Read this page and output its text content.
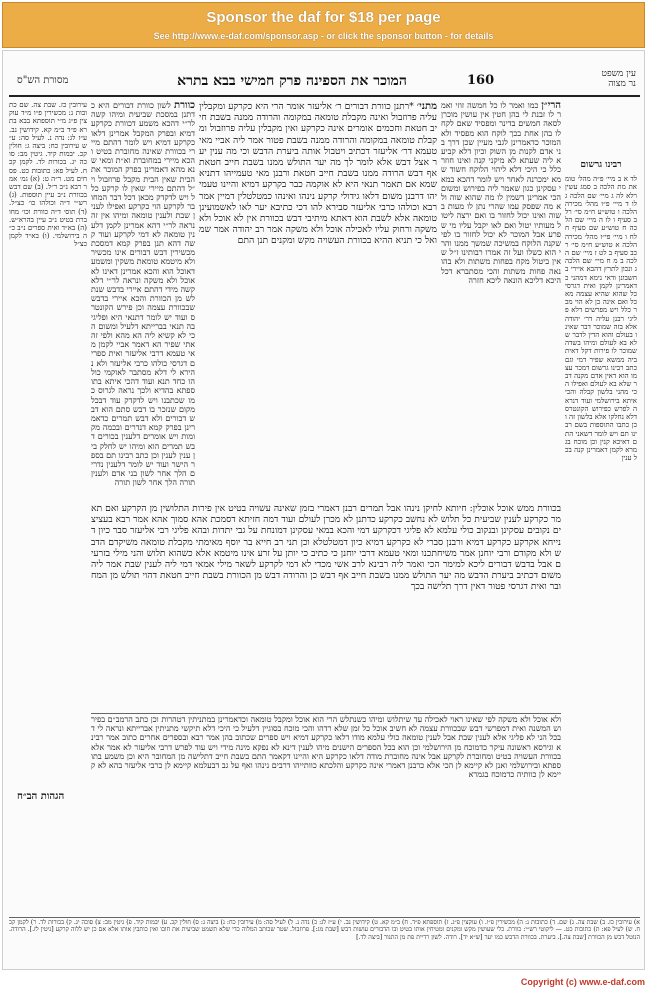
Sponsor the daf for $18 per page
See http://www.e-daf.com/sponsor.asp - or click the sponsor button - for details
מסורת הש"ס	המוכר את הספינה פרק חמישי בבא בתרא	160	עין משפט
נר מצוה
רבינו גרשום
לד א ב מיי׳ פ״ה מהל׳ טומאת מת הלכה ב סמג עשין רלא לה ג מיי׳ שם הלכה ג לו ד מיי׳ פ״ו מהל׳ מכירה הלכה ו טוש״ע ח״מ סי׳ רלב סעיף ו לז ה מיי׳ שם הלכה ח טוש״ע שם סעיף ח לח ו מיי׳ פי״ז מהל׳ מכירה הלכה א טוש״ע ח״מ סי׳ רכב סעיף ב לט ז מיי׳ שם הלכה ב מ ח מיי׳ שם הלכה ג ונכון לתרץ דהכא איירי בחשבונן ודאי נימא דמהני כדאמרינן לקמן ואית דגרסי כל שהוא שהיא עצמה מאכל ואם אינה כן לא הוי מכר כלל ויש מפרשים דלא פליגי רבנן עליה דר׳ יהודה אלא בזה שמוכר דבר שאינו בעולם והוא הדין לדבר שלא בא לעולם ומיהו בשדה שמוכר לו פירות דקל דאית ביה ממשא שפיר דמי וגם כתב רבינו גרשום דמכר עצמו הוא דאין אדם מקנה דבר שלא בא לעולם ואפילו הכי מהני בלשון קבלה והכי איתא בירושלמי ועוד דנראה לפרש כפירוש הקונטרס דלא נחלקו אלא בלשון זה וכן כתבו התוספות בשם רבינו תם ויש לומר דשאני התם דאיכא קנין וכן מוכח בגמרא לקמן דאמרינן קנה בכל ענין
הרי״ן כמו ואמר לו כל חמשה זוזי ואמר לו זבנת לי בהן חטין אין עושין מוכרן לסאה חמשים בדינר ומפסיד שאם לקח לו בהן אחת בכך לוקח הוא מפסיד ולא המוכר כדאמרינן לגבי מעיין שכן דרך בני אדם לקנות מן השוק וכיון דלא קביעא ליה שעתא לא מיקני קנה ואינו חוזר כלל כי היכי דלא ליהוי הלוקח חשוד שמא ימכרנה לאחר ויש לומר דהכא במאי עסקינן כגון שאמר ליה בפירוש ומשום הכי אמרינן דשמין לו מה שהוא שוה ולא מה שפסק עמו שהרי נתן לו מעות בשוה ואינו יכול לחזור בו ואם ירצה ליטול מעותיו יטול ואם לאו יקבל עליו מי שפרע אבל המוכר לא יכול לחזור בו לפי שקנה הלוקח במשיכה שמשך ממנו והרי הוא כשלו ועל זה אמרו רבותינו ז״ל שאין ביטול מקח בפחות משתות ולא בהונאה פחות משתות והכי מסתברא דכל היכא דליכא הונאה ליכא חזרה
מתני׳ *רתנן כוורת דבורים ר׳ אליעזר אומר הרי היא כקרקע ומקבלין עליה פרוזבול ואינה מקבלת טומאה במקומה והרודה ממנה בשבת חייב חטאת וחכמים אומרים אינה כקרקע ואין מקבלין עליה פרוזבול ומקבלת טומאה במקומה והרודה ממנה בשבת פטור אמר ליה אביי מאי טעמא דר׳ אליעזר דכתיב ויטבול אותה ביערת הדבש וכי מה ענין יער אצל דבש אלא לומר לך מה יער התולש ממנו בשבת חייב חטאת אף דבש הרודה ממנו בשבת חייב חטאת ורבנן מאי טעמייהו דתניא שמא אם תאמר תנאי היא לא אוקמה כבר בקרקע דמיא והיינו טעמייהו דרבנן משום דלאו גידולי קרקע נינהו ואינהו כמטלטלין דמיין אמר רבא וכולהו כרבי אליעזר סבירא להו דכי כתיבא יער לאו לאשמועינן טומאה אלא לשבת הוא דאתא מיתיבי דבש בכוורת אין לא אוכל ולא משקה ורחוק עליו לאכילה אוכל ולא משקה אמר רב יהודה אמר שמואל כי תניא ההיא בכוורת העשויה מקש ומקנים תנן התם
כוורת לשון כוורת דבורים היא כדתנן במסכת שביעית ומיהו קשה לר״י דהכא משמע דכוורת כקרקע דמיא ובפרק המקבל אמרינן דלאו כקרקע דמיא ויש לומר דהתם מיירי בכוורת שאינה מחוברת בטיט והכא מיירי במחוברת וא״ת ומאי שנא מהא דאמרינן בפרק המוכר את הבית שאין הבית מקבל פרוזבול וי״ל דהתם מיירי שאין לו קרקע כלל ויש לדקדק מכאן דכל דבר המחובר לקרקע הוי כקרקע ואפילו לענין שבת ולענין טומאה ומיהו אין זה נראה לר״י דהא אמרינן לקמן דלענין טומאה לא דמי לקרקע ועוד קשה דהא תנן בפרק קמא דמסכת מכשירין דבש דבורים אינו מכשיר ולא מיטמא טומאת משקין ומשמע דאוכל הוא והכא אמרינן דאינו לא אוכל ולא משקה ונראה לר״י דלא קשה מידי דהתם איירי בדבש שנתלש מן הכוורת והכא איירי בדבש שבכוורת עצמה וכן פירש הקונטרס ועוד יש לומר דתנאי היא ופליגי בה תנאי בברייתא דלעיל ומשום הכי לא קשיא ליה הא מהא ולפי זה אתי שפיר הא דאמר אביי לקמן מאי טעמא דרבי אליעזר ואית ספרים דגרסי כולהו כרבי אליעזר ולא נהירא לי דלא מסתבר לאוקמי כולהו כחד תנא ועוד דהכי איתא בתוספתא בהדיא ולכך נראה לגרוס כמו שכתבנו ויש לדקדק עוד דבכל מקום שנזכר בו דבש סתם הוא דבש דבורים ולא דבש תמרים כדאמרינן בפרק קמא דנדרים ובכמה מקומות ויש אומרים דלענין בכורים דבש תמרים הוא ומיהו יש לחלק בין ענין לענין וכן כתב רבינו תם בספר הישר ועוד יש לומר דלענין נדרים הלך אחר לשון בני אדם ולענין תורה הלך אחר לשון תורה
עירובין כז. שבת צה. שם כתובות נ: מכשירין פ״ו מ״ד עוקצין פ״ג מ״י תוספתא בבא בתרא פ״ד ב״מ קא. קידושין נב. ע״ז לג: נדה נ. לעיל סה: ע״ש עירובין כח: ביצה ג: חולין קכ. יבמות קיד. גיטין מב: סוכה יג. בכורות לד. לקמן קכח. לעיל פא: כתובות כט. פסחים מט. ר״ה ט: (א) גמ׳ אמר רבא נ״ב ר״ל. (ב) שם דבש בכוורת נ״ב עיין תוספות. (ג) רש״י ד״ה וכולהו כו׳ כצ״ל. (ד) תוס׳ ד״ה כוורת וכו׳ מחוברת בטיט נ״ב עיין בהרא״ש. (ה) בא״ד ואית ספרים נ״ב כ״ה בירושלמי. (ו) בא״ד לקמן כצ״ל
הגהות הב״ח
בכוורת ממש אוכל אוכלין: חיותא לחיקן נינהו אבל תמרים רבנן דאמרי בזמן שאינה עשויה בטיט אין פירות התלושין מן הקרקע ואם תאמר כקרקע לענין שביעית כל תלוש לא נחשב כקרקע כדתנן לא מכרן לעולם ועוד דמה חזיתא דסמכת אהא סמוך אהא אמר רבא בעציצים נקובים עסקינן ובנקוב כולי עלמא לא פליגי דכקרקע דמי והכא במאי עסקינן דמונחת על גבי יתדות ובהא פליגי רבי אליעזר סבר כיון דנייחא אקרקע כקרקע דמיא ורבנן סברי לא כקרקע דמיא כיון דמטלטלא וכן תני רב חייא בר יוסף מאימתי מקבלת טומאה משיקדם הדבש ולא מקודם ורבי יוחנן אמר משיחתכנו ומאי טעמא דרבי יוחנן כי כתיב כי יותן על זרע אינו מיטמא אלא כשהוא תלוש והני מילי בזרעים אבל בדבש דבורים ליכא למימר הכי ואמר ליה רבינא לרב אשי מכדי לא דמי לקרקע לשאר מילי אמאי דמי ליה לענין שבת אמר ליה משום דכתיב ביערת הדבש מה יער התולש ממנו בשבת חייב אף דבש כן והרודה דבש מן הכוורת בשבת חייב חטאת דהוי תולש מן המחובר ואית דגרסי פטור דאין דרך תלישה בכך
ולא אוכל ולא משקה לפי שאינו ראוי לאכילה עד שיתלוש ומיהו כשנתלש הרי הוא אוכל ומקבל טומאה וכדאמרינן במתניתין דטהרות וכן כתב הרמב״ם בפירוש המשנה ואית דמפרשי דבש שבכוורת עצמה לא חשיב אוכל כל זמן שלא רדהו והכי מוכח בסוגיין דלעיל כי היכי דלא תיקשי מתניתין אברייתא ונראה לי דבכל הני לא פליגי אלא לענין שבת אבל לענין טומאה כולי עלמא מודו דלאו כקרקע דמיא ויש ספרים שכתוב בהן אמר רבא ובספרים אחרים כתוב אמר רבינא וגירסא ראשונה עיקר כדמוכח מן הירושלמי וכן הוא בכל הספרים הישנים מיהו לענין דינא לא נפקא מינה מידי ויש עוד לפרש דרבי אליעזר לא אמר אלא בכוורת העשויה בטיט ומחוברת לקרקע אבל אינה מחוברת מודה דלאו כקרקע היא והיינו דקאמר התם בשבת חייב דתלישה מן המחובר היא וכן משמע בתוספתא ובירושלמי ואנן לא קיימא לן הכי אלא כרבנן דאמרי אינה כקרקע והלכתא כוותייהו דרבים נינהו ואף על גב דבעלמא קיימא לן כרבי אליעזר בהא לא קיימא לן כוותיה כדמוכח בגמרא
א) עירובין כז. ב) שבת צה. ג) שם. ד) כתובות נ: ה) מכשירין פ״ו. ו) עוקצין פ״ג. ז) תוספתא פ״ד. ח) ב״מ קא. ט) קידושין נב. י) ע״ז לג: כ) נדה נ. ל) לעיל סה: מ) עירובין כח: נ) ביצה ג: ס) חולין קכ. ע) יבמות קיד. פ) גיטין מב: צ) סוכה יג. ק) בכורות לד. ר) לקמן קכח. ש) לעיל פא: ת) כתובות כט. — ליקוטי רש״י: כוורת. כלי שעושין מקש ומקנים ומטיחין אותו בטיט ובו הדבורים עושות דבש [שבת מג:]. פרוזבול. שטר שכותב המלוה כדי שלא תשמט שביעית את חובו ואין כותבין אותו אלא אם כן יש ללוה קרקע [גיטין לז.]. הרודה. הנוטל דבש מן הכוורת [שבת צה.]. ביערת. בכוורת הדבש כמו יער [ש״א יד]. רודה. לשון רדיית פת מן התנור [ביצה לד.]
Copyright (c) www.e-daf.com
